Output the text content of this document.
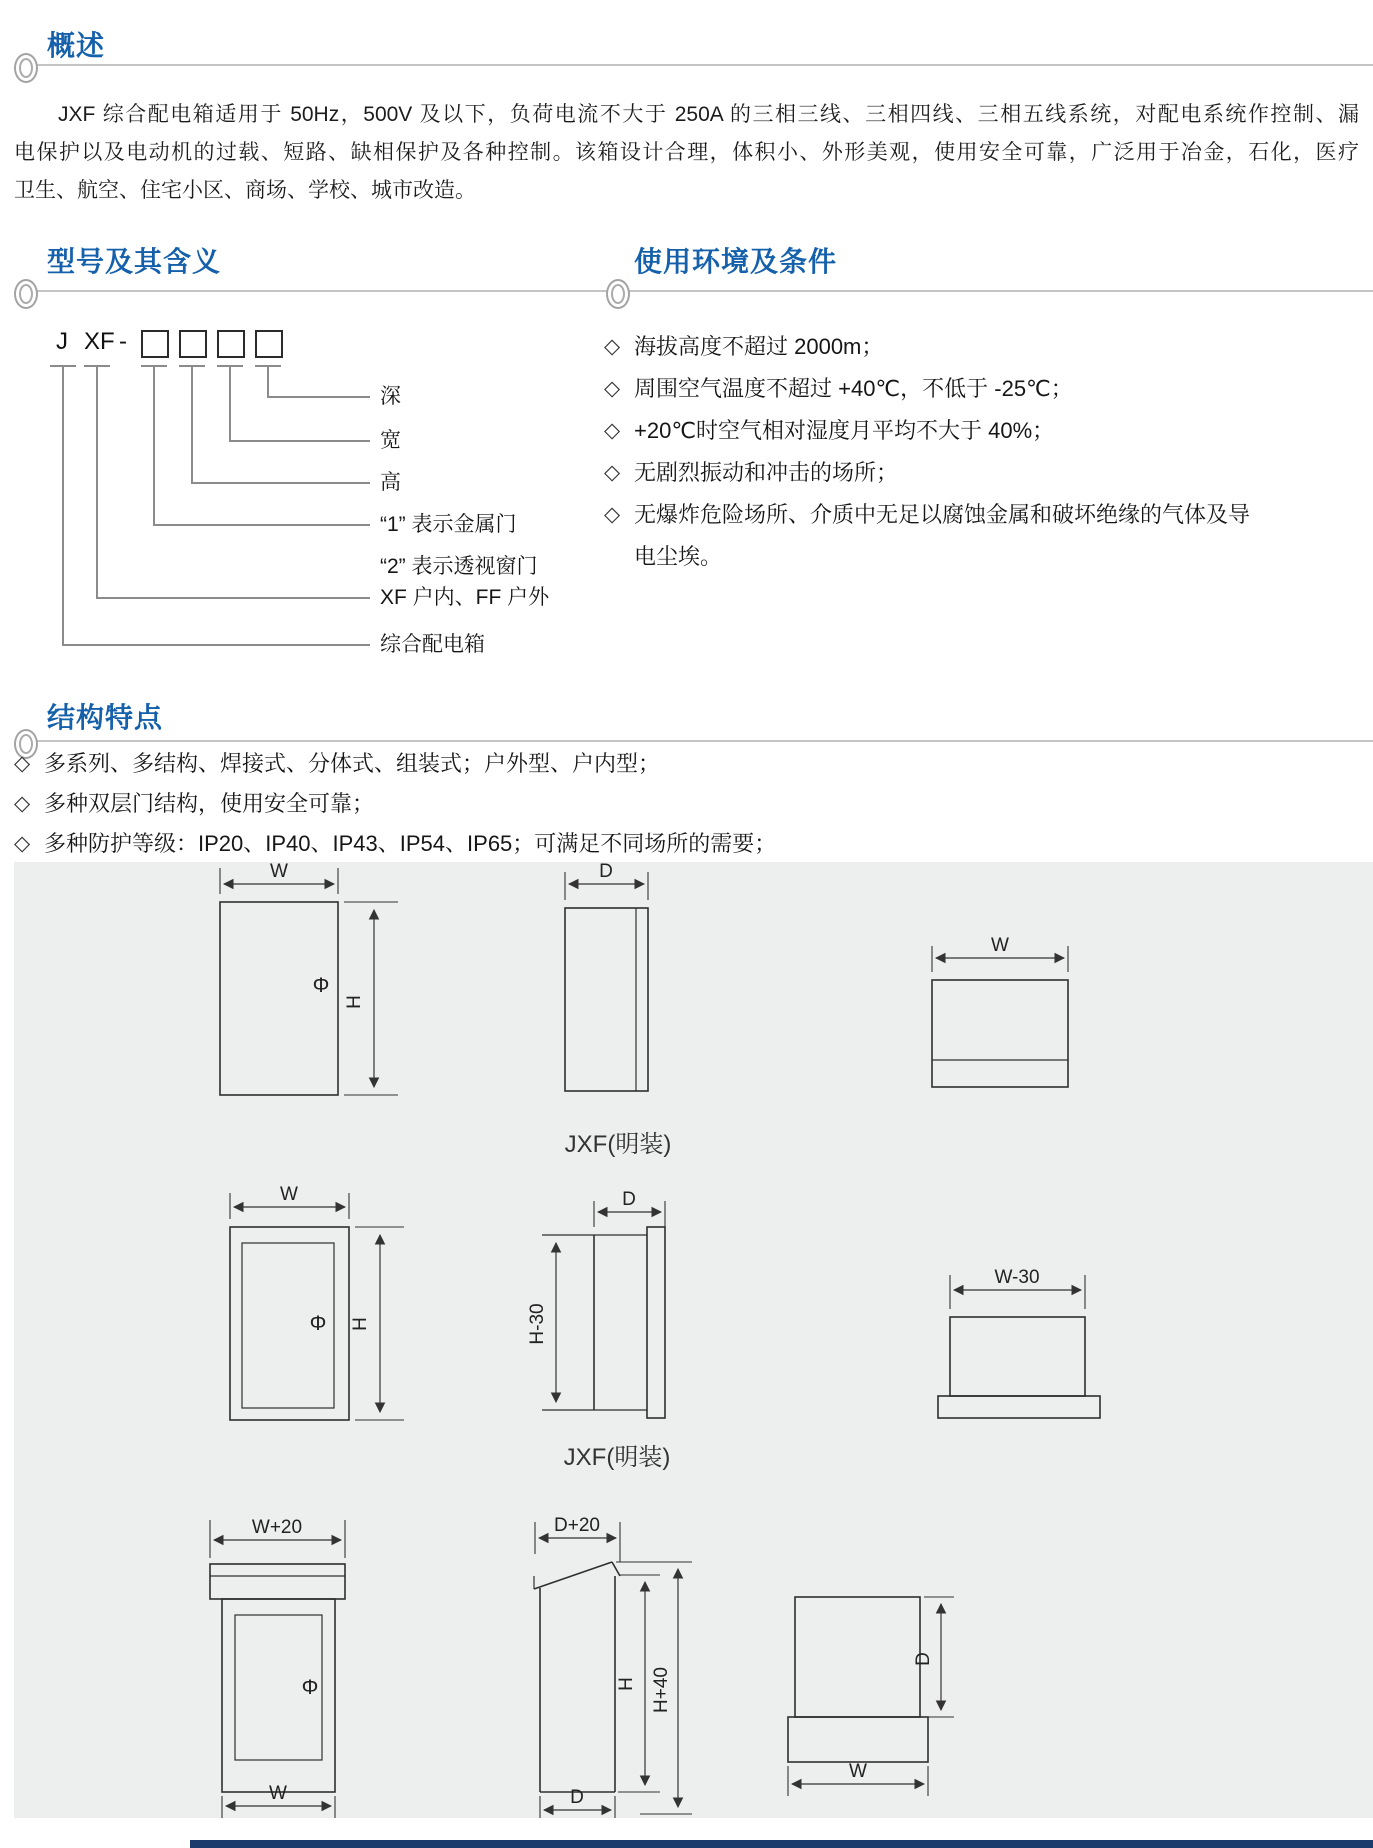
概述
JXF 综合配电箱适用于 50Hz，500V 及以下，负荷电流不大于 250A 的三相三线、三相四线、三相五线系统，对配电系统作控制、漏
电保护以及电动机的过载、短路、缺相保护及各种控制。该箱设计合理，体积小、外形美观，使用安全可靠，广泛用于冶金，石化，医疗
卫生、航空、住宅小区、商场、学校、城市改造。
型号及其含义	使用环境及条件
J XF -
深
宽
高
“1” 表示金属门
“2” 表示透视窗门
XF 户内、FF 户外
综合配电箱
◇ 海拔高度不超过 2000m；
◇ 周围空气温度不超过 +40℃，不低于 -25℃；
◇ +20℃时空气相对湿度月平均不大于 40%；
◇ 无剧烈振动和冲击的场所；
◇ 无爆炸危险场所、介质中无足以腐蚀金属和破坏绝缘的气体及导电尘埃。
结构特点
◇ 多系列、多结构、焊接式、分体式、组装式；户外型、户内型；
◇ 多种双层门结构，使用安全可靠；
◇ 多种防护等级：IP20、IP40、IP43、IP54、IP65；可满足不同场所的需要；
W
H
Φ
D
W
JXF(明装)
W
H
Φ	H-30
D
W-30
JXF(明装)
W+20
Φ
W
D+20
H H+40
D
D
W
